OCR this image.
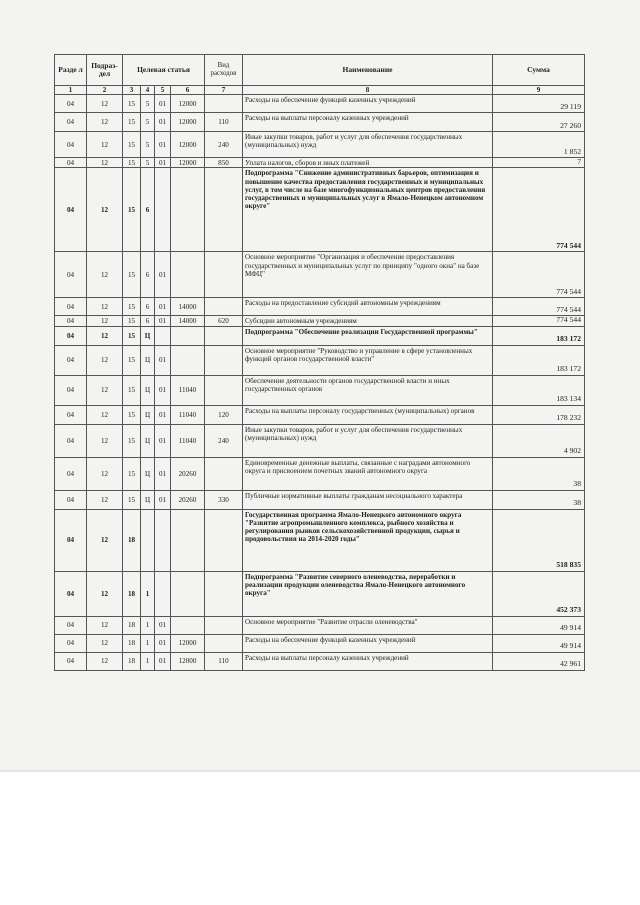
Разде л	Подраз- дел	Целевая статья				Вид расходов	Наименование	Сумма
1	2	3	4	5	6	7	8	9
04	12	15	5	01	12000		Расходы на обеспечение функций казенных учреждений	29 119
04	12	15	5	01	12000	110	Расходы на выплаты персоналу казенных учреждений	27 260
04	12	15	5	01	12000	240	Иные закупки товаров, работ и услуг для обеспечения государственных (муниципальных) нужд	1 852
04	12	15	5	01	12000	850	Уплата налогов, сборов и иных платежей	7
04	12	15	6				Подпрограмма "Снижение административных барьеров, оптимизация и повышение качества предоставления государственных и муниципальных услуг, в том числе на базе многофункциональных центров предоставления государственных и муниципальных услуг в Ямало-Ненецком автономном округе"	774 544
04	12	15	6	01			Основное мероприятие "Организация и обеспечение предоставления государственных и муниципальных услуг по принципу "одного окна" на базе МФЦ"	774 544
04	12	15	6	01	14000		Расходы на предоставление субсидий автономным учреждениям	774 544
04	12	15	6	01	14000	620	Субсидии автономным учреждениям	774 544
04	12	15	Ц				Подпрограмма "Обеспечение реализации Государственной программы"	183 172
04	12	15	Ц	01			Основное мероприятие "Руководство и управление в сфере установленных функций органов государственной власти"	183 172
04	12	15	Ц	01	11040		Обеспечение деятельности органов государственной власти и иных государственных органов	183 134
04	12	15	Ц	01	11040	120	Расходы на выплаты персоналу государственных (муниципальных) органов	178 232
04	12	15	Ц	01	11040	240	Иные закупки товаров, работ и услуг для обеспечения государственных (муниципальных) нужд	4 902
04	12	15	Ц	01	20260		Единовременные денежные выплаты, связанные с наградами автономного округа и присвоением почетных званий автономного округа	38
04	12	15	Ц	01	20260	330	Публичные нормативные выплаты гражданам несоциального характера	38
04	12	18					Государственная программа Ямало-Ненецкого автономного округа "Развитие агропромышленного комплекса, рыбного хозяйства и регулирования рынков сельскохозяйственной продукции, сырья и продовольствия на 2014-2020 годы"	518 835
04	12	18	1				Подпрограмма "Развитие северного оленеводства, переработки и реализации продукции оленеводства Ямало-Ненецкого автономного округа"	452 373
04	12	18	1	01			Основное мероприятие "Развитие отрасли оленеводства"	49 914
04	12	18	1	01	12000		Расходы на обеспечение функций казенных учреждений	49 914
04	12	18	1	01	12000	110	Расходы на выплаты персоналу казенных учреждений	42 961
